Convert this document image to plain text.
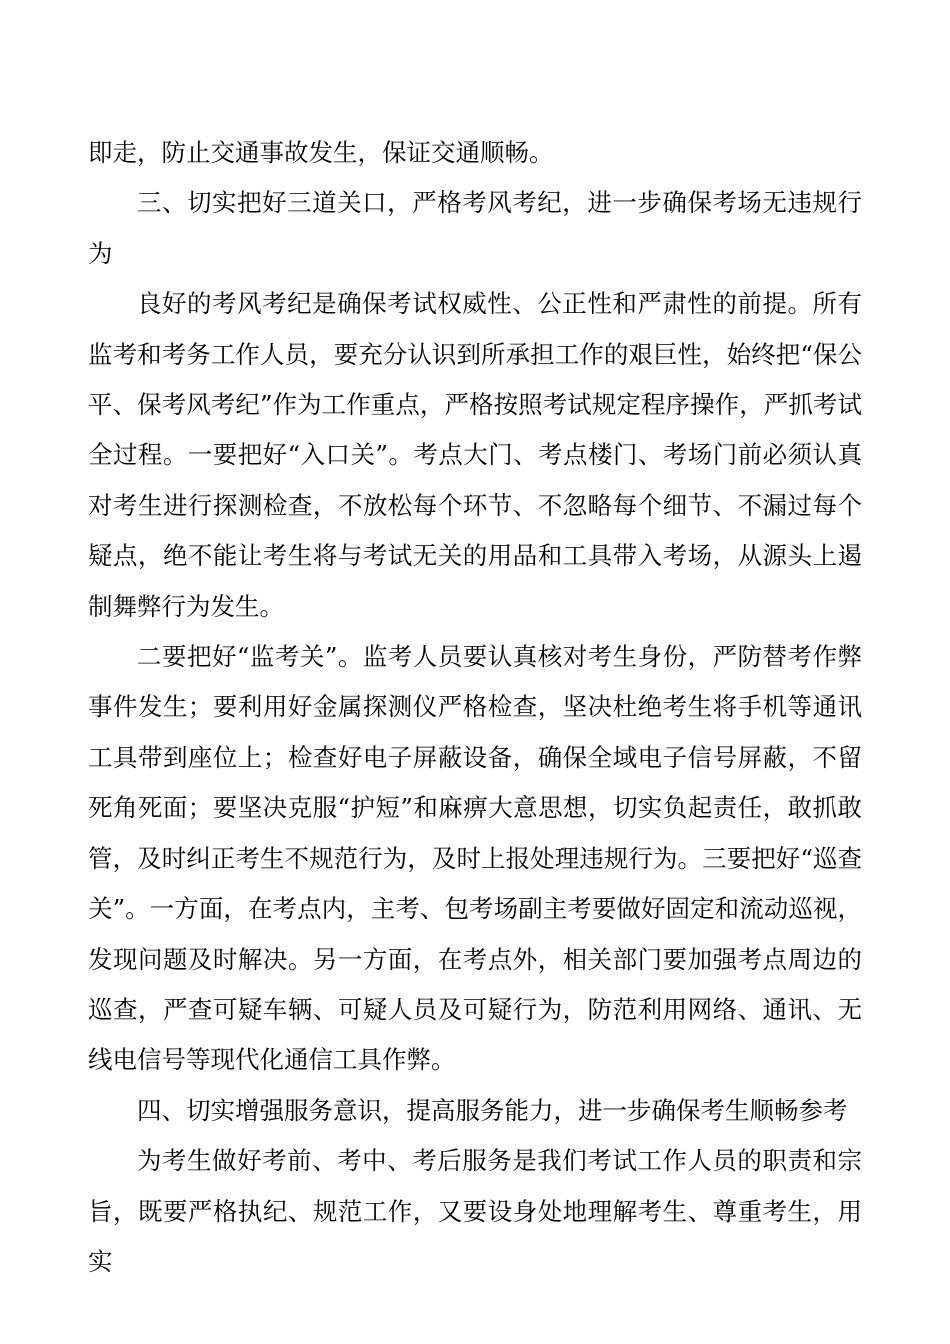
即走，防止交通事故发生，保证交通顺畅。

三、切实把好三道关口，严格考风考纪，进一步确保考场无违规行为

良好的考风考纪是确保考试权威性、公正性和严肃性的前提。所有监考和考务工作人员，要充分认识到所承担工作的艰巨性，始终把“保公平、保考风考纪”作为工作重点，严格按照考试规定程序操作，严抓考试全过程。一要把好“入口关”。考点大门、考点楼门、考场门前必须认真对考生进行探测检查，不放松每个环节、不忽略每个细节、不漏过每个疑点，绝不能让考生将与考试无关的用品和工具带入考场，从源头上遏制舞弊行为发生。

二要把好“监考关”。监考人员要认真核对考生身份，严防替考作弊事件发生；要利用好金属探测仪严格检查，坚决杜绝考生将手机等通讯工具带到座位上；检查好电子屏蔽设备，确保全域电子信号屏蔽，不留死角死面；要坚决克服“护短”和麻痹大意思想，切实负起责任，敢抓敢管，及时纠正考生不规范行为，及时上报处理违规行为。三要把好“巡查关”。一方面，在考点内，主考、包考场副主考要做好固定和流动巡视，发现问题及时解决。另一方面，在考点外，相关部门要加强考点周边的巡查，严查可疑车辆、可疑人员及可疑行为，防范利用网络、通讯、无线电信号等现代化通信工具作弊。

四、切实增强服务意识，提高服务能力，进一步确保考生顺畅参考

为考生做好考前、考中、考后服务是我们考试工作人员的职责和宗旨，既要严格执纪、规范工作，又要设身处地理解考生、尊重考生，用实
